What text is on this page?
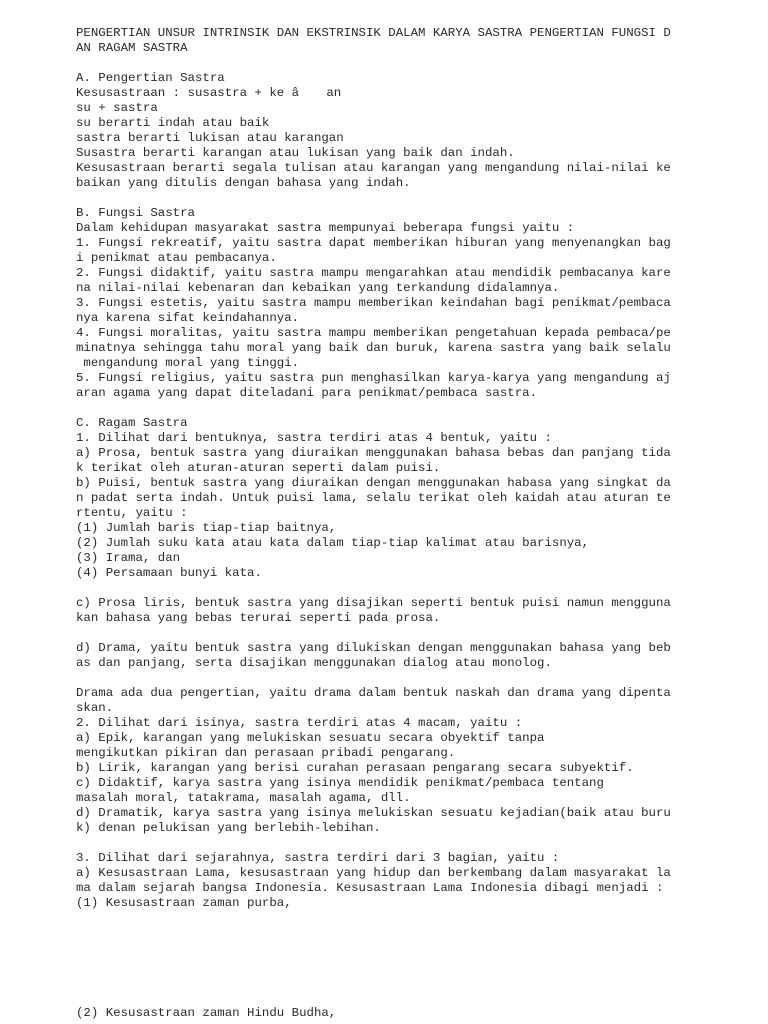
PENGERTIAN UNSUR INTRINSIK DAN EKSTRINSIK DALAM KARYA SASTRA PENGERTIAN FUNGSI D
AN RAGAM SASTRA
A. Pengertian Sastra
Kesusastraan : susastra + ke â an
su + sastra
su berarti indah atau baik
sastra berarti lukisan atau karangan
Susastra berarti karangan atau lukisan yang baik dan indah.
Kesusastraan berarti segala tulisan atau karangan yang mengandung nilai-nilai ke
baikan yang ditulis dengan bahasa yang indah.
B. Fungsi Sastra
Dalam kehidupan masyarakat sastra mempunyai beberapa fungsi yaitu :
1. Fungsi rekreatif, yaitu sastra dapat memberikan hiburan yang menyenangkan bag
i penikmat atau pembacanya.
2. Fungsi didaktif, yaitu sastra mampu mengarahkan atau mendidik pembacanya kare
na nilai-nilai kebenaran dan kebaikan yang terkandung didalamnya.
3. Fungsi estetis, yaitu sastra mampu memberikan keindahan bagi penikmat/pembaca
nya karena sifat keindahannya.
4. Fungsi moralitas, yaitu sastra mampu memberikan pengetahuan kepada pembaca/pe
minatnya sehingga tahu moral yang baik dan buruk, karena sastra yang baik selalu
mengandung moral yang tinggi.
5. Fungsi religius, yaitu sastra pun menghasilkan karya-karya yang mengandung aj
aran agama yang dapat diteladani para penikmat/pembaca sastra.
C. Ragam Sastra
1. Dilihat dari bentuknya, sastra terdiri atas 4 bentuk, yaitu :
a) Prosa, bentuk sastra yang diuraikan menggunakan bahasa bebas dan panjang tida
k terikat oleh aturan-aturan seperti dalam puisi.
b) Puisi, bentuk sastra yang diuraikan dengan menggunakan habasa yang singkat da
n padat serta indah. Untuk puisi lama, selalu terikat oleh kaidah atau aturan te
rtentu, yaitu :
(1) Jumlah baris tiap-tiap baitnya,
(2) Jumlah suku kata atau kata dalam tiap-tiap kalimat atau barisnya,
(3) Irama, dan
(4) Persamaan bunyi kata.
c) Prosa liris, bentuk sastra yang disajikan seperti bentuk puisi namun mengguna
kan bahasa yang bebas terurai seperti pada prosa.
d) Drama, yaitu bentuk sastra yang dilukiskan dengan menggunakan bahasa yang beb
as dan panjang, serta disajikan menggunakan dialog atau monolog.
Drama ada dua pengertian, yaitu drama dalam bentuk naskah dan drama yang dipenta
skan.
2. Dilihat dari isinya, sastra terdiri atas 4 macam, yaitu :
a) Epik, karangan yang melukiskan sesuatu secara obyektif tanpa
mengikutkan pikiran dan perasaan pribadi pengarang.
b) Lirik, karangan yang berisi curahan perasaan pengarang secara subyektif.
c) Didaktif, karya sastra yang isinya mendidik penikmat/pembaca tentang
masalah moral, tatakrama, masalah agama, dll.
d) Dramatik, karya sastra yang isinya melukiskan sesuatu kejadian(baik atau buru
k) denan pelukisan yang berlebih-lebihan.
3. Dilihat dari sejarahnya, sastra terdiri dari 3 bagian, yaitu :
a) Kesusastraan Lama, kesusastraan yang hidup dan berkembang dalam masyarakat la
ma dalam sejarah bangsa Indonesia. Kesusastraan Lama Indonesia dibagi menjadi :
(1) Kesusastraan zaman purba,
(2) Kesusastraan zaman Hindu Budha,
